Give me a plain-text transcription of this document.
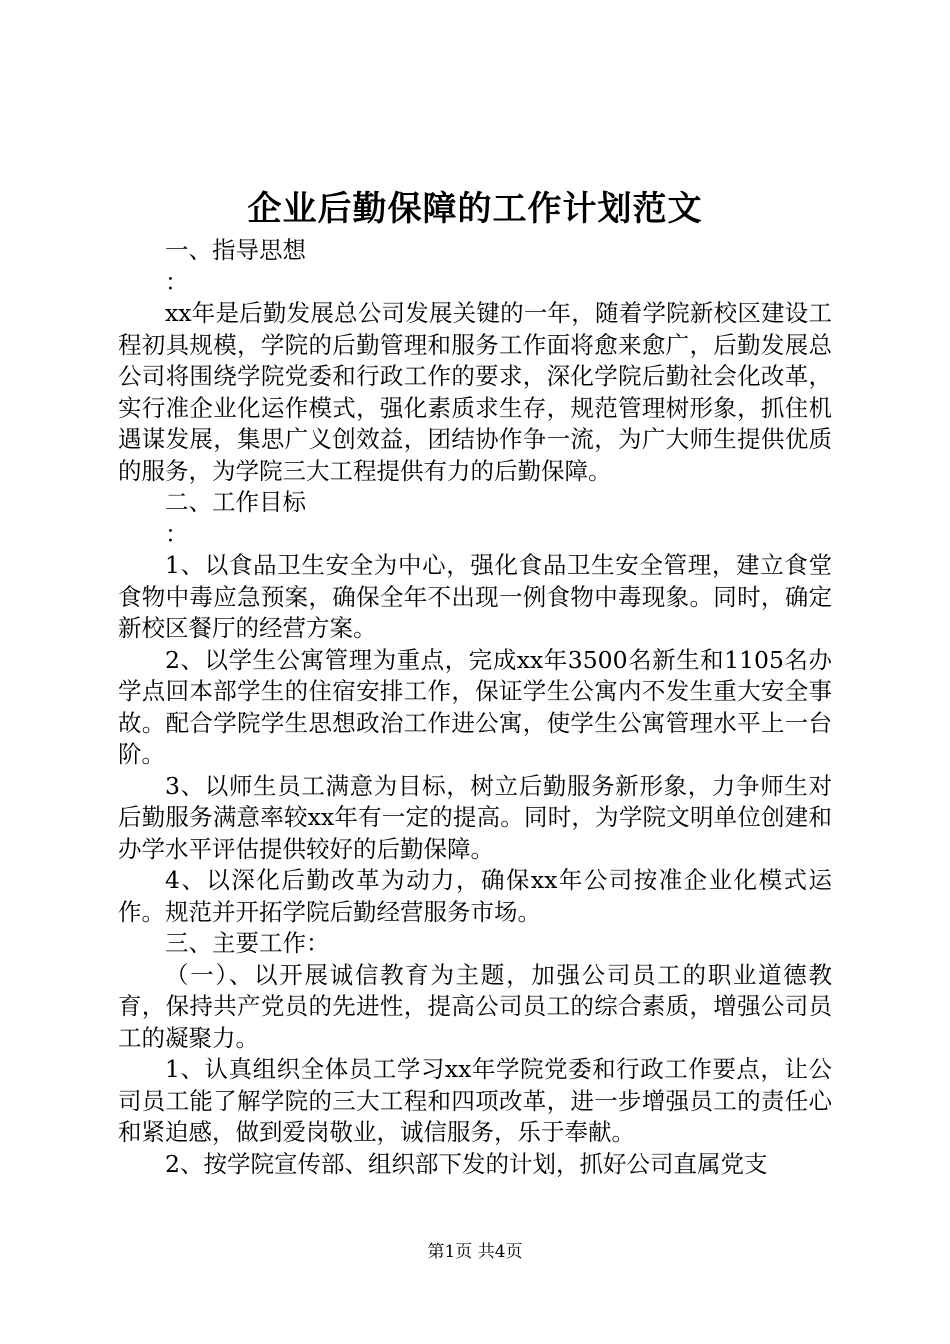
企业后勤保障的工作计划范文

一、指导思想

：

xx年是后勤发展总公司发展关键的一年，随着学院新校区建设工程初具规模，学院的后勤管理和服务工作面将愈来愈广，后勤发展总公司将围绕学院党委和行政工作的要求，深化学院后勤社会化改革，实行准企业化运作模式，强化素质求生存，规范管理树形象，抓住机遇谋发展，集思广义创效益，团结协作争一流，为广大师生提供优质的服务，为学院三大工程提供有力的后勤保障。

二、工作目标

：

1、以食品卫生安全为中心，强化食品卫生安全管理，建立食堂食物中毒应急预案，确保全年不出现一例食物中毒现象。同时，确定新校区餐厅的经营方案。

2、以学生公寓管理为重点，完成xx年3500名新生和1105名办学点回本部学生的住宿安排工作，保证学生公寓内不发生重大安全事故。配合学院学生思想政治工作进公寓，使学生公寓管理水平上一台阶。

3、以师生员工满意为目标，树立后勤服务新形象，力争师生对后勤服务满意率较xx年有一定的提高。同时，为学院文明单位创建和办学水平评估提供较好的后勤保障。

4、以深化后勤改革为动力，确保xx年公司按准企业化模式运作。规范并开拓学院后勤经营服务市场。

三、主要工作：

（一）、以开展诚信教育为主题，加强公司员工的职业道德教育，保持共产党员的先进性，提高公司员工的综合素质，增强公司员工的凝聚力。

1、认真组织全体员工学习xx年学院党委和行政工作要点，让公司员工能了解学院的三大工程和四项改革，进一步增强员工的责任心和紧迫感，做到爱岗敬业，诚信服务，乐于奉献。

2、按学院宣传部、组织部下发的计划，抓好公司直属党支

第1页 共4页
